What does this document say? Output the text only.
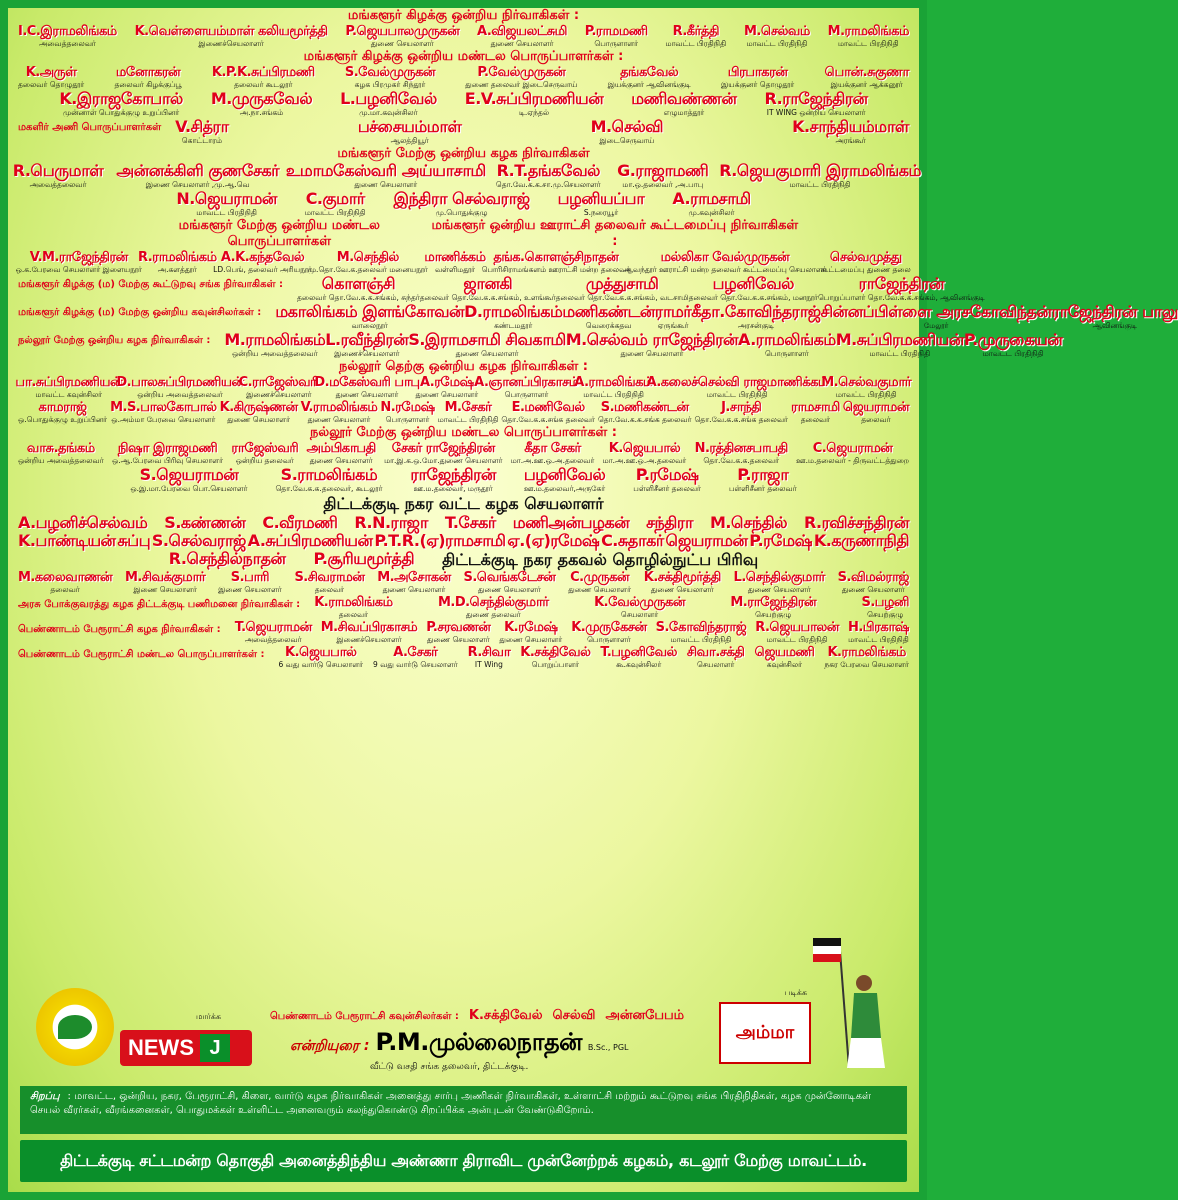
மங்களூர் கிழக்கு ஒன்றிய நிர்வாகிகள் :
I.C.இராமலிங்கம்
அவைத்தலைவர்
K.வெள்ளையம்மாள் கலியமூர்த்தி
இணைச்செயலாளர்
P.ஜெயபாலமுருகன்
துணை செயலாளர்
A.விஜயலட்சுமி
துணை செயலாளர்
P.ராமமணி
பொருளாளர்
R.கீர்த்தி
மாவட்ட பிரதிநிதி
M.செல்வம்
மாவட்ட பிரதிநிதி
M.ராமலிங்கம்
மாவட்ட பிரதிநிதி
மங்களூர் கிழக்கு ஒன்றிய மண்டல பொருப்பாளர்கள் :
K.அருள்
தலைவர் தொழுதூர்
மனோகரன்
தலைவர் கிழக்குப்பூ
K.P.K.சுப்பிரமணி
தலைவர் கூடலூர்
S.வேல்முருகன்
கழக பிரமுகர் சிந்தூர்
P.வேல்முருகன்
துணை தலைவர் இடைசெருவாய்
தங்கவேல்
இயக்குனர் ஆவினங்குடி
பிரபாகரன்
இயக்குனர் தொழுதூர்
பொன்.சுகுணா
இயக்குனர் ஆக்கனூர்
K.இராஜகோபால்
முன்னாள் பொதுக்குழு உறுப்பினர்
M.முருகவேல்
அ.நா.சங்கம்
L.பழனிவேல்
மு.மா.கவுன்சிலர்
E.V.சுப்பிரமணியன்
டி.ஏந்தல்
மணிவண்ணன்
எழுமாத்தூர்
R.ராஜேந்திரன்
IT WING ஒன்றிய செயலாளர்
மகளிர் அணி பொருப்பாளர்கள் V.சித்ரா
கொட்டாரம்
பச்சையம்மாள்
ஆலத்தியூர்
M.செல்வி
இடைசெருவாய்
K.சாந்தியம்மாள்
அரங்கூர்
மங்களூர் மேற்கு ஒன்றிய கழக நிர்வாகிகள்
R.பெருமாள்
அவைத்தலைவர்
அன்னக்கிளி குணசேகர்
இணை செயலாளர் ,மு.ஆ.வெ
உமாமகேஸ்வரி அய்யாசாமி
துணை செயலாளர்
R.T.தங்கவேல்
தொ.வே.க.க.சா.மு.செயலாளர்
G.ராஜாமணி
மா.ஒ.தலைவர் ,அ.பாபு
R.ஜெயகுமாரி இராமலிங்கம்
மாவட்ட பிரதிநிதி
N.ஜெயராமன்
மாவட்ட பிரதிநிதி
C.குமார்
மாவட்ட பிரதிநிதி
இந்திரா செல்வராஜ்
மு.பொதுக்குழு
பழனியப்பா
S.நரையூர்
A.ராமசாமி
மு.கவுன்சிலர்
மங்களூர் மேற்கு ஒன்றிய மண்டல பொருப்பாளர்கள்
மங்களூர் ஒன்றிய ஊராட்சி தலைவர் கூட்டமைப்பு நிர்வாகிகள் :
V.M.ராஜேந்திரன்
ஒ.க.பேரவை செயலாளர் இளையநூர்
R.ராமலிங்கம்
அ.களத்தூர்
A.K.கந்தவேல்
LD.பெங், தலைவர் அரியநூர்
M.செந்தில்
மு.தொ.வே.க.தலைவர் மனையநூர்
மாணிக்கம்
வள்ளிமதூர்
தங்க.கொளஞ்சிநாதன்
பொரிசிராமங்களம் ஊராட்சி மன்ற தலைவர்
மல்லிகா வேல்முருகன்
ஆவந்தூர் ஊராட்சி மன்ற தலைவர் கூட்டமைப்பு செயலாளர்
செல்வமுத்து
கூட்டமைப்பு துணை தலை
மங்களூர் கிழக்கு (ம) மேற்கு கூட்டுறவு சங்க நிர்வாகிகள் : கொளஞ்சி
தலைவர் தொ.வே.க.க.சங்கம், சுந்தர்
ஜானகி
தலைவர் தொ.வே.க.க.சங்கம், உளங்கூர்
முத்துசாமி
தலைவர் தொ.வே.க.க.சங்கம், வடசாமி
பழனிவேல்
தலைவர் தொ.வே.க.க.சங்கம், மனநூர்
ராஜேந்திரன்
பொறுப்பாளர் தொ.வே.க.க.சங்கம், ஆவினங்குடி
மங்களூர் கிழக்கு (ம) மேற்கு ஒன்றிய கவுன்சிலர்கள் : மகாலிங்கம் இளங்கோவன்
வாலைநூர்
D.ராமலிங்கம்
கண்டமதூர்
மணிகண்டன்
வெரைக்கதவ
ராமர்
ஏருங்கூர்
கீதா.கோவிந்தராஜ்
அரசன்குடி
சின்னப்பிள்ளை அரசகோவிந்தன்
மேலூர்
ராஜேந்திரன் பாலு
ஆவினங்குடி
நல்லூர் மேற்கு ஒன்றிய கழக நிர்வாகிகள் : M.ராமலிங்கம்
ஒன்றிய அவைத்தலைவர்
L.ரவீந்திரன்
இணைச்செயலாளர்
S.இராமசாமி சிவகாமி
துணை செயலாளர்
M.செல்வம் ராஜேந்திரன்
துணை செயலாளர்
A.ராமலிங்கம்
பொருளாளர்
M.சுப்பிரமணியன்
மாவட்ட பிரதிநிதி
P.முருகையன்
மாவட்ட பிரதிநிதி
நல்லூர் தெற்கு ஒன்றிய கழக நிர்வாகிகள் :
பா.சுப்பிரமணியன்
மாவட்ட கவுன்சிலர்
D.பாலசுப்பிரமணியன்
ஒன்றிய அவைத்தலைவர்
C.ராஜேஸ்வரி
இணைச்செயலாளர்
D.மகேஸ்வரி பாபு
துணை செயலாளர்
A.ரமேஷ்
துணை செயலாளர்
A.ஞானப்பிரகாசம்
பொருளாளர்
A.ராமலிங்கம்
மாவட்ட பிரதிநிதி
A.கலைச்செல்வி ராஜமாணிக்கம்
மாவட்ட பிரதிநிதி
M.செல்வகுமார்
மாவட்ட பிரதிநிதி
காமராஜ்
ஒ.பொதுக்குழு உறுப்பினர்
M.S.பாலகோபால்
ஒ.அம்மா பேரவை செயலாளர்
K.கிருஷ்ணன்
துணை செயலாளர்
V.ராமலிங்கம்
துணை செயலாளர்
N.ரமேஷ்
பொருளாளர்
M.சேகர்
மாவட்ட பிரதிநிதி
E.மணிவேல்
தொ.வே.க.க.சங்க தலைவர்
S.மணிகண்டன்
தொ.வே.க.க.சங்க தலைவர்
J.சாந்தி
தொ.வே.க.க.சங்க தலைவர்
ராமசாமி
தலைவர்
ஜெயராமன்
தலைவர்
நல்லூர் மேற்கு ஒன்றிய மண்டல பொருப்பாளர்கள் :
வாசு.தங்கம்
ஒன்றிய அவைத்தலைவர்
நிஷா இராஜமணி
ஒ.ஆ.பேரவை பிரிவு செயலாளர்
ராஜேஸ்வரி
ஒன்றிய தலைவர்
அம்பிகாபதி
துணை செயலாளர்
சேகர் ராஜேந்திரன்
மா.இ.க.ஒ.மோ.துணை செயலாளர்
கீதா சேகர்
மா.அ.ஊ.ஒ.அ.தலைவர்
K.ஜெயபால்
மா.அ.ஊ.ஒ.அ.தலைவர்
N.ரத்தினசபாபதி
தொ.வே.க.க.தலைவர்
C.ஜெயராமன்
ஊ.ம.தலைவர் - திருவட்டத்துறை
S.ஜெயராமன்
ஒ.இ.மா.பேரவை பொ.செயலாளர்
S.ராமலிங்கம்
தொ.வே.க.க.தலைவர், கூடலூர்
ராஜேந்திரன்
ஊ.ம.தலைவர், மருதூர்
பழனிவேல்
ஊ.ம.தலைவர்,அருகேர்
P.ரமேஷ்
பள்ளிசீனர் தலைவர்
P.ராஜா
பள்ளிசீனர் தலைவர்
திட்டக்குடி நகர வட்ட கழக செயலாளர்
A.பழனிச்செல்வம் S.கண்ணன் C.வீரமணி R.N.ராஜா T.சேகர் மணிஅன்பழகன் சந்திரா M.செந்தில் R.ரவிச்சந்திரன்
K.பாண்டியன் சுப்பு S.செல்வராஜ் A.சுப்பிரமணியன் P.T.R.(ஏ)ராமசாமி ஏ.(ஏ)ரமேஷ் C.சுதாகர் ஜெயராமன் P.ரமேஷ் K.கருணாநிதி
R.செந்தில்நாதன் P.சூரியமூர்த்தி திட்டக்குடி நகர தகவல் தொழில்நுட்ப பிரிவு
M.கலைவாணன்
தலைவர்
M.சிவக்குமார்
இணை செயலாளர்
S.பாரி
இணை செயலாளர்
S.சிவராமன்
தலைவர்
M.அசோகன்
துணை செயலாளர்
S.வெங்கடேசன்
துணை செயலாளர்
C.முருகன்
துணை செயலாளர்
K.சக்திமூர்த்தி
துணை செயலாளர்
L.செந்தில்குமார்
துணை செயலாளர்
S.விமல்ராஜ்
துணை செயலாளர்
அரசு போக்குவரத்து கழக திட்டக்குடி பணிமனை நிர்வாகிகள் : K.ராமலிங்கம்
தலைவர்
M.D.செந்தில்குமார்
துணை தலைவர்
K.வேல்முருகன்
செயலாளர்
M.ராஜேந்திரன்
செயற்குழு
S.பழனி
செயற்குழு
பெண்ணாடம் பேரூராட்சி கழக நிர்வாகிகள் : T.ஜெயராமன்
அவைத்தலைவர்
M.சிவப்பிரகாசம்
இணைச்செயலாளர்
P.சரவணன்
துணை செயலாளர்
K.ரமேஷ்
துணை செயலாளர்
K.முருகேசன்
பொருளாளர்
S.கோவிந்தராஜ்
மாவட்ட பிரதிநிதி
R.ஜெயபாலன்
மாவட்ட பிரதிநிதி
H.பிரகாஷ்
மாவட்ட பிரதிநிதி
பெண்ணாடம் பேரூராட்சி மண்டல பொருப்பாளர்கள் : K.ஜெயபால்
6 வது வார்டு செயலாளர்
A.சேகர்
9 வது வார்டு செயலாளர்
R.சிவா
IT Wing
K.சக்திவேல்
பொறுப்பாளர்
T.பழனிவேல்
கூ.கவுன்சிலர்
சிவா.சக்தி
செயலாளர்
ஜெயமணி
கவுன்சிலர்
K.ராமலிங்கம்
நகர பேரவை செயலாளர்
மார்க்க
NEWS J
பெண்ணாடம் பேரூராட்சி கவுன்சிலர்கள் : K.சக்திவேல் செல்வி அன்னபேபம்
என்றியுரை : P.M.முல்லைநாதன் B.Sc., PGL
வீட்டு வசதி சங்க தலைவர், திட்டக்குடி.
படிக்க
அம்மா
சிறப்பு : மாவட்ட, ஒன்றிய, நகர, பேரூராட்சி, கிளை, வார்டு கழக நிர்வாகிகள் அனைத்து சார்பு அணிகள் நிர்வாகிகள், உள்ளாட்சி மற்றும் கூட்டுறவு சங்க பிரதிநிதிகள், கழக முன்னோடிகள் செயல் வீரர்கள், வீரங்கனைகள், பொதுமக்கள் உள்ளிட்ட அனைவரும் கலந்துகொண்டு சிறப்பிக்க அன்புடன் வேண்டுகிறோம்.
திட்டக்குடி சட்டமன்ற தொகுதி அனைத்திந்திய அண்ணா திராவிட முன்னேற்றக் கழகம், கடலூர் மேற்கு மாவட்டம்.
